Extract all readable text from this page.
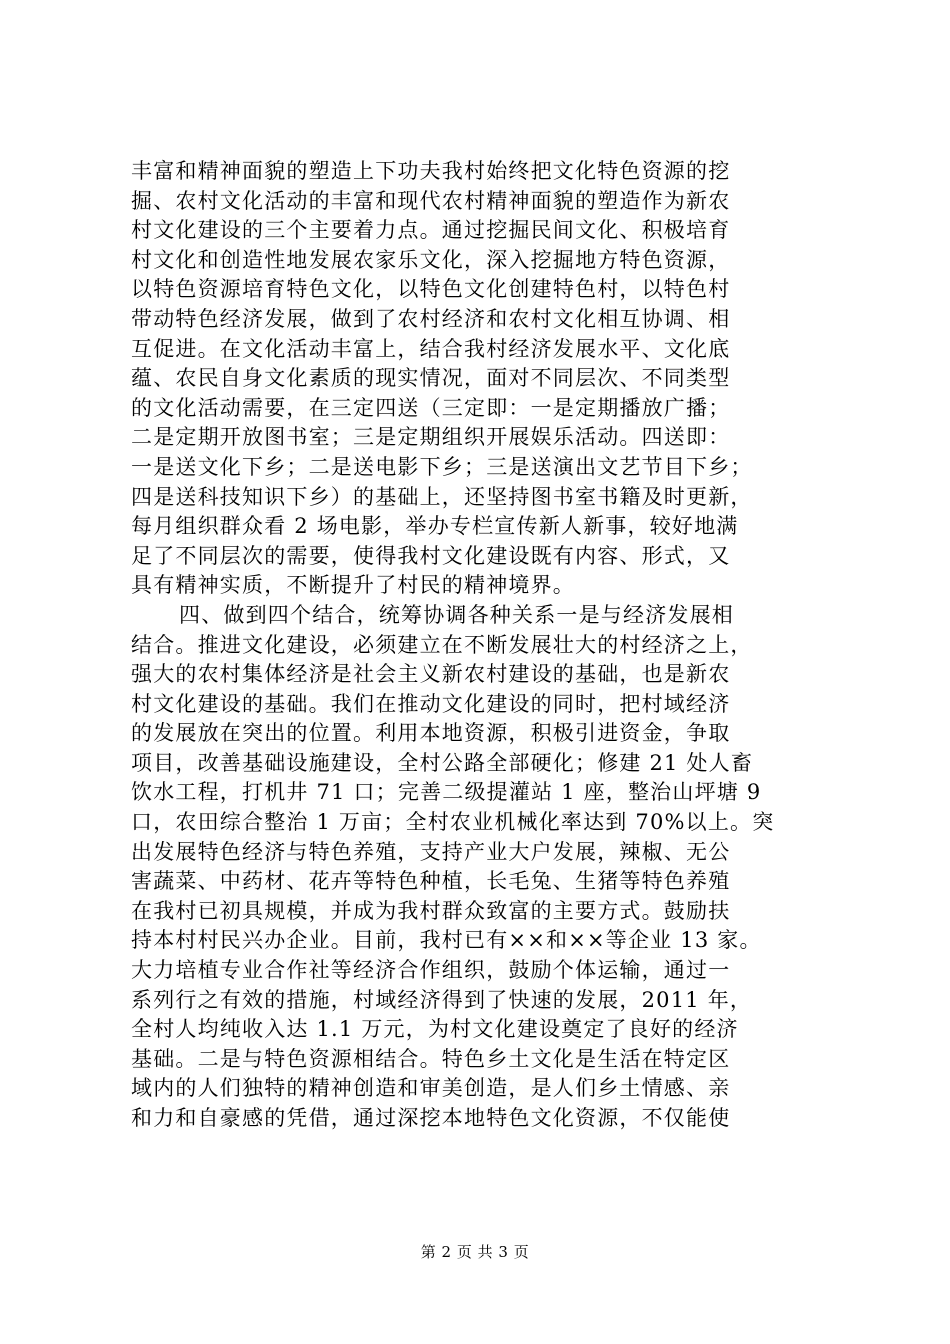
丰富和精神面貌的塑造上下功夫我村始终把文化特色资源的挖
掘、农村文化活动的丰富和现代农村精神面貌的塑造作为新农
村文化建设的三个主要着力点。通过挖掘民间文化、积极培育
村文化和创造性地发展农家乐文化，深入挖掘地方特色资源，
以特色资源培育特色文化，以特色文化创建特色村，以特色村
带动特色经济发展，做到了农村经济和农村文化相互协调、相
互促进。在文化活动丰富上，结合我村经济发展水平、文化底
蕴、农民自身文化素质的现实情况，面对不同层次、不同类型
的文化活动需要，在三定四送（三定即：一是定期播放广播；
二是定期开放图书室；三是定期组织开展娱乐活动。四送即：
一是送文化下乡；二是送电影下乡；三是送演出文艺节目下乡；
四是送科技知识下乡）的基础上，还坚持图书室书籍及时更新，
每月组织群众看 2 场电影，举办专栏宣传新人新事，较好地满
足了不同层次的需要，使得我村文化建设既有内容、形式，又
具有精神实质，不断提升了村民的精神境界。
四、做到四个结合，统筹协调各种关系一是与经济发展相
结合。推进文化建设，必须建立在不断发展壮大的村经济之上，
强大的农村集体经济是社会主义新农村建设的基础，也是新农
村文化建设的基础。我们在推动文化建设的同时，把村域经济
的发展放在突出的位置。利用本地资源，积极引进资金，争取
项目，改善基础设施建设，全村公路全部硬化；修建 21 处人畜
饮水工程，打机井 71 口；完善二级提灌站 1 座，整治山坪塘 9
口，农田综合整治 1 万亩；全村农业机械化率达到 70%以上。突
出发展特色经济与特色养殖，支持产业大户发展，辣椒、无公
害蔬菜、中药材、花卉等特色种植，长毛兔、生猪等特色养殖
在我村已初具规模，并成为我村群众致富的主要方式。鼓励扶
持本村村民兴办企业。目前，我村已有××和××等企业 13 家。
大力培植专业合作社等经济合作组织，鼓励个体运输，通过一
系列行之有效的措施，村域经济得到了快速的发展，2011 年，
全村人均纯收入达 1.1 万元，为村文化建设奠定了良好的经济
基础。二是与特色资源相结合。特色乡土文化是生活在特定区
域内的人们独特的精神创造和审美创造，是人们乡土情感、亲
和力和自豪感的凭借，通过深挖本地特色文化资源，不仅能使
第 2 页 共 3 页
